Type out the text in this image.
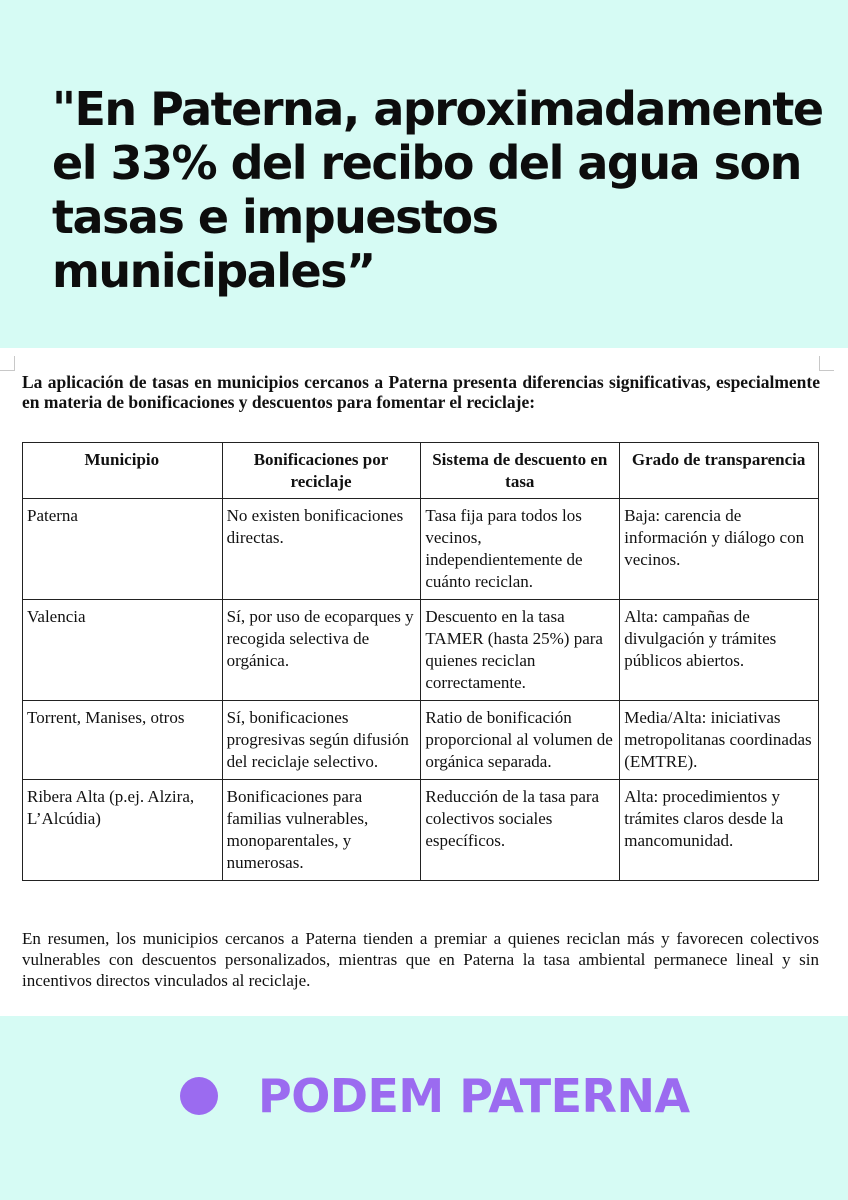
"En Paterna, aproximadamente el 33% del recibo del agua son tasas e impuestos municipales”

La aplicación de tasas en municipios cercanos a Paterna presenta diferencias significativas, especialmente en materia de bonificaciones y descuentos para fomentar el reciclaje:

Municipio	Bonificaciones por reciclaje	Sistema de descuento en tasa	Grado de transparencia
Paterna	No existen bonificaciones directas.	Tasa fija para todos los vecinos, independientemente de cuánto reciclan.	Baja: carencia de información y diálogo con vecinos.
Valencia	Sí, por uso de ecoparques y recogida selectiva de orgánica.	Descuento en la tasa TAMER (hasta 25%) para quienes reciclan correctamente.	Alta: campañas de divulgación y trámites públicos abiertos.
Torrent, Manises, otros	Sí, bonificaciones progresivas según difusión del reciclaje selectivo.	Ratio de bonificación proporcional al volumen de orgánica separada.	Media/Alta: iniciativas metropolitanas coordinadas (EMTRE).
Ribera Alta (p.ej. Alzira, L’Alcúdia)	Bonificaciones para familias vulnerables, monoparentales, y numerosas.	Reducción de la tasa para colectivos sociales específicos.	Alta: procedimientos y trámites claros desde la mancomunidad.

En resumen, los municipios cercanos a Paterna tienden a premiar a quienes reciclan más y favorecen colectivos vulnerables con descuentos personalizados, mientras que en Paterna la tasa ambiental permanece lineal y sin incentivos directos vinculados al reciclaje.

PODEM PATERNA
